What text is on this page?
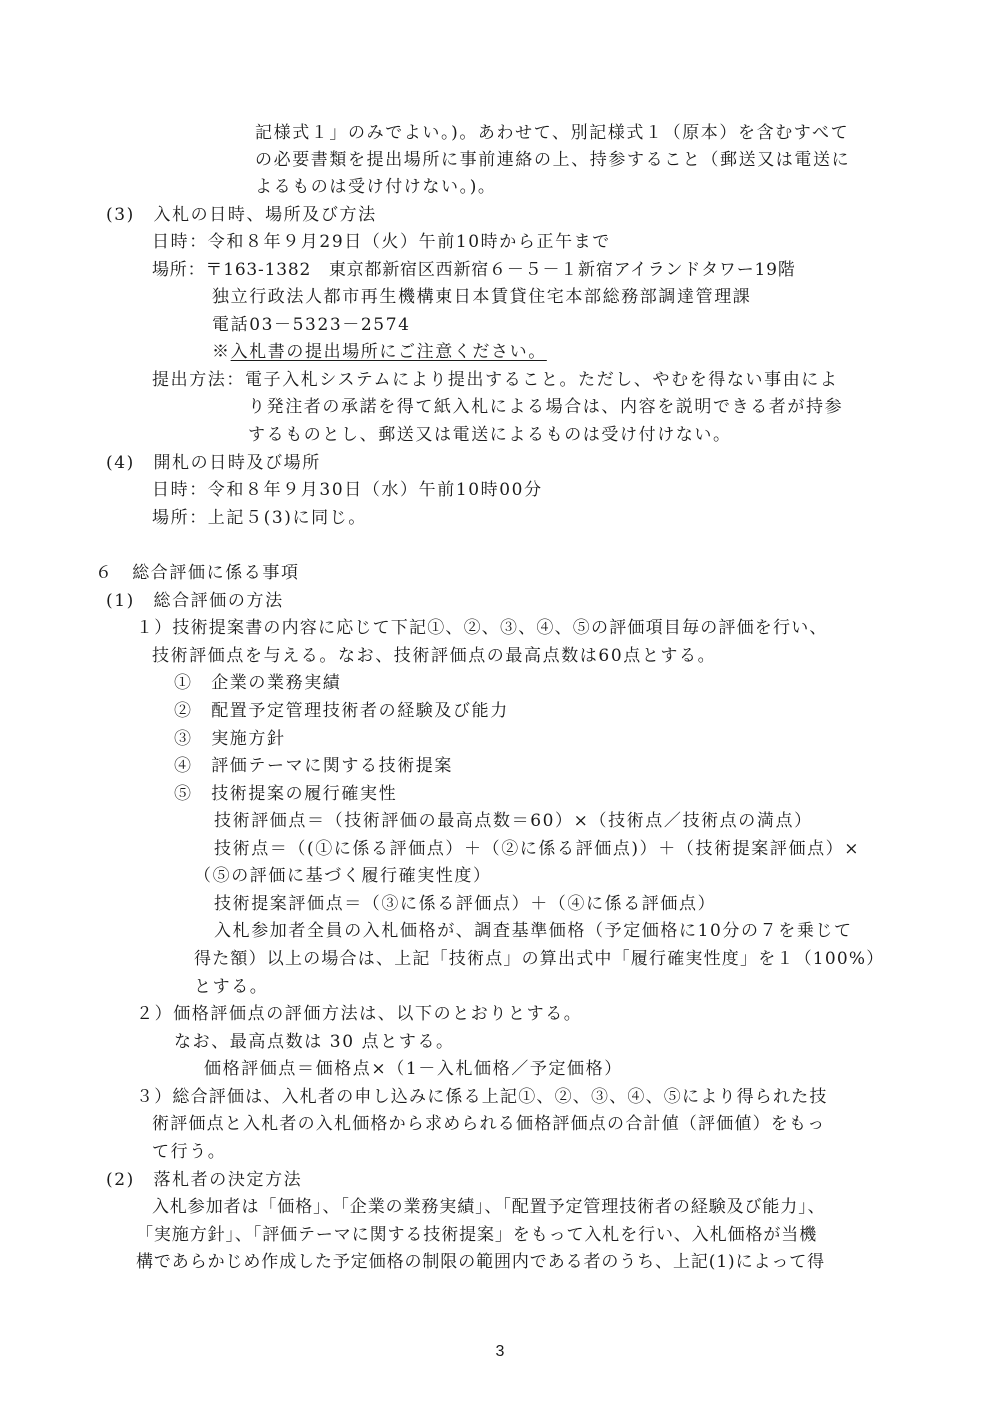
記様式１」のみでよい。)。あわせて、別記様式１（原本）を含むすべて
の必要書類を提出場所に事前連絡の上、持参すること（郵送又は電送に
よるものは受け付けない。)。
(3)　入札の日時、場所及び方法
日時：令和８年９月29日（火）午前10時から正午まで
場所：〒163-1382　東京都新宿区西新宿６－５－１新宿アイランドタワー19階
独立行政法人都市再生機構東日本賃貸住宅本部総務部調達管理課
電話03－5323－2574
※入札書の提出場所にご注意ください。
提出方法：電子入札システムにより提出すること。ただし、やむを得ない事由によ
り発注者の承諾を得て紙入札による場合は、内容を説明できる者が持参
するものとし、郵送又は電送によるものは受け付けない。
(4)　開札の日時及び場所
日時：令和８年９月30日（水）午前10時00分
場所：上記５(3)に同じ。
６　総合評価に係る事項
(1)　総合評価の方法
１）技術提案書の内容に応じて下記①、②、③、④、⑤の評価項目毎の評価を行い、
技術評価点を与える。なお、技術評価点の最高点数は60点とする。
①　企業の業務実績
②　配置予定管理技術者の経験及び能力
③　実施方針
④　評価テーマに関する技術提案
⑤　技術提案の履行確実性
技術評価点＝（技術評価の最高点数＝60）×（技術点／技術点の満点）
技術点＝（(①に係る評価点）＋（②に係る評価点)）＋（技術提案評価点）×
（⑤の評価に基づく履行確実性度）
技術提案評価点＝（③に係る評価点）＋（④に係る評価点）
入札参加者全員の入札価格が、調査基準価格（予定価格に10分の７を乗じて
得た額）以上の場合は、上記「技術点」の算出式中「履行確実性度」を１（100%）
とする。
２）価格評価点の評価方法は、以下のとおりとする。
なお、最高点数は 30 点とする。
価格評価点＝価格点×（1－入札価格／予定価格）
３）総合評価は、入札者の申し込みに係る上記①、②、③、④、⑤により得られた技
術評価点と入札者の入札価格から求められる価格評価点の合計値（評価値）をもっ
て行う。
(2)　落札者の決定方法
入札参加者は「価格」、「企業の業務実績」、「配置予定管理技術者の経験及び能力」、
「実施方針」、「評価テーマに関する技術提案」をもって入札を行い、入札価格が当機
構であらかじめ作成した予定価格の制限の範囲内である者のうち、上記(1)によって得
3
